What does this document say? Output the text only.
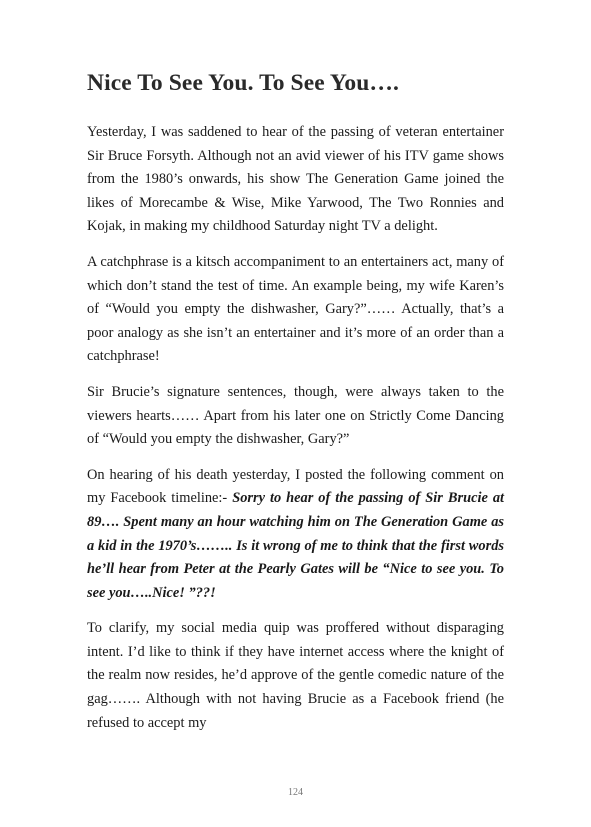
Nice To See You. To See You….

Yesterday, I was saddened to hear of the passing of veteran entertainer Sir Bruce Forsyth. Although not an avid viewer of his ITV game shows from the 1980’s onwards, his show The Generation Game joined the likes of Morecambe & Wise, Mike Yarwood, The Two Ronnies and Kojak, in making my childhood Saturday night TV a delight.

A catchphrase is a kitsch accompaniment to an entertainers act, many of which don’t stand the test of time. An example being, my wife Karen’s of “Would you empty the dishwasher, Gary?”…… Actually, that’s a poor analogy as she isn’t an entertainer and it’s more of an order than a catchphrase!

Sir Brucie’s signature sentences, though, were always taken to the viewers hearts…… Apart from his later one on Strictly Come Dancing of “Would you empty the dishwasher, Gary?”

On hearing of his death yesterday, I posted the following comment on my Facebook timeline:- Sorry to hear of the passing of Sir Brucie at 89…. Spent many an hour watching him on The Generation Game as a kid in the 1970’s…….. Is it wrong of me to think that the first words he’ll hear from Peter at the Pearly Gates will be “Nice to see you. To see you…..Nice! ”??!

To clarify, my social media quip was proffered without disparaging intent. I’d like to think if they have internet access where the knight of the realm now resides, he’d approve of the gentle comedic nature of the gag……. Although with not having Brucie as a Facebook friend (he refused to accept my

124
